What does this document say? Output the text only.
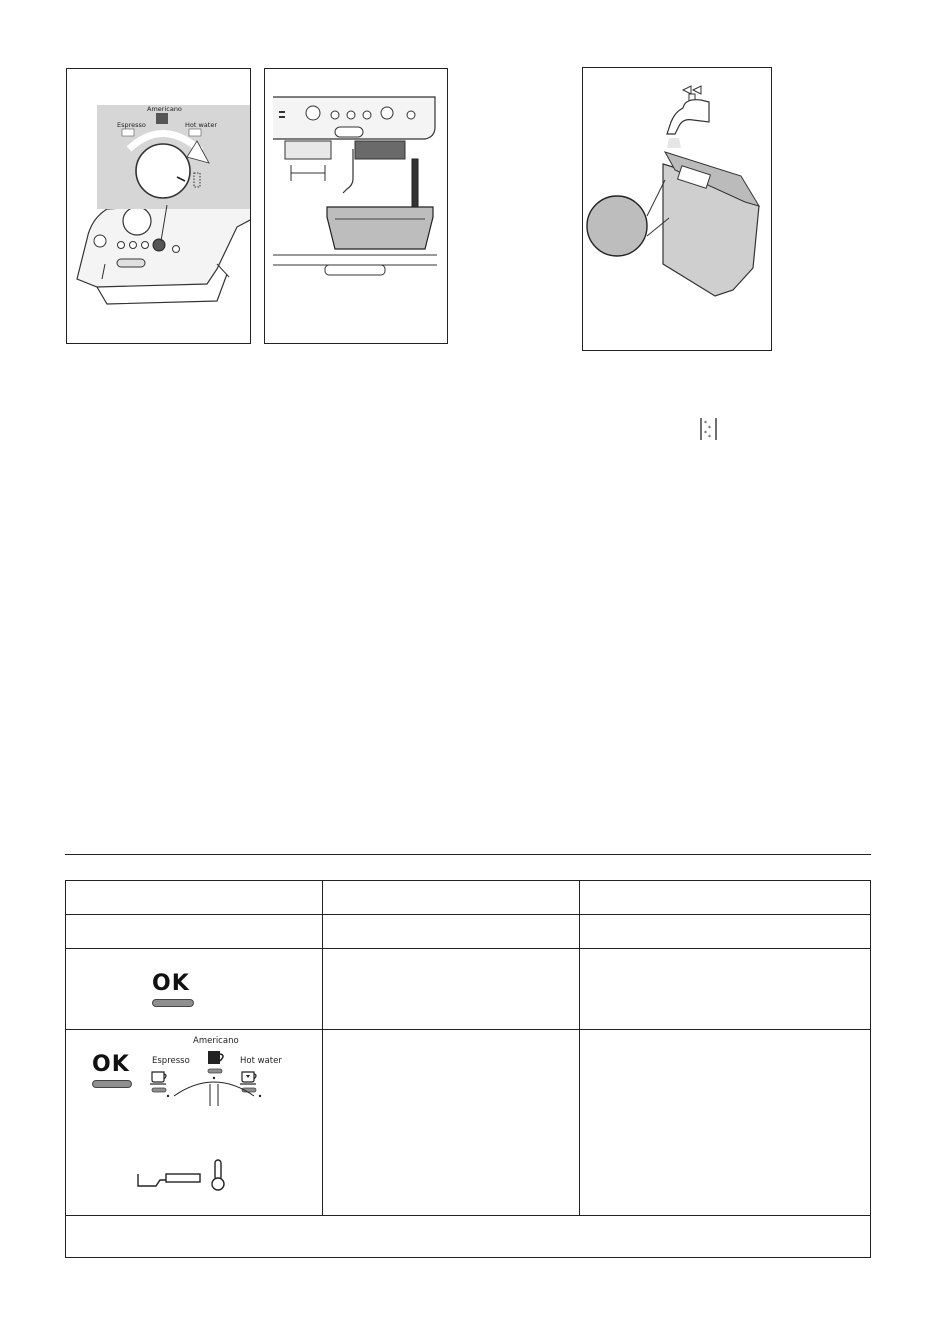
Americano
Espresso	Hot water
*
*
*
*

OK		

OK
Americano
Espresso Hot water		
